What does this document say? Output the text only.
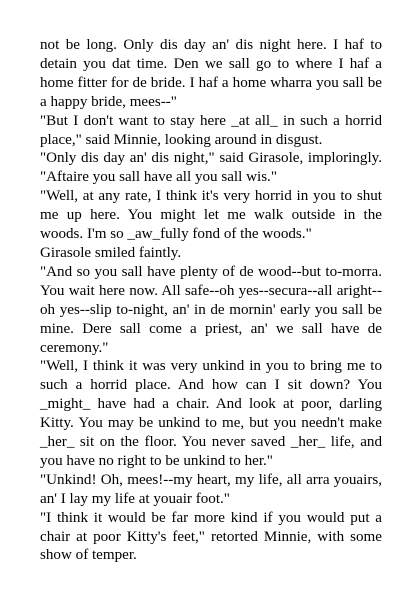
not be long. Only dis day an' dis night here. I haf to detain you dat time. Den we sall go to where I haf a home fitter for de bride. I haf a home wharra you sall be a happy bride, mees--"

"But I don't want to stay here _at all_ in such a horrid place," said Minnie, looking around in disgust.

"Only dis day an' dis night," said Girasole, imploringly. "Aftaire you sall have all you sall wis."

"Well, at any rate, I think it's very horrid in you to shut me up here. You might let me walk outside in the woods. I'm so _aw_fully fond of the woods."

Girasole smiled faintly.

"And so you sall have plenty of de wood--but to-morra. You wait here now. All safe--oh yes--secura--all aright--oh yes--slip to-night, an' in de mornin' early you sall be mine. Dere sall come a priest, an' we sall have de ceremony."

"Well, I think it was very unkind in you to bring me to such a horrid place. And how can I sit down? You _might_ have had a chair. And look at poor, darling Kitty. You may be unkind to me, but you needn't make _her_ sit on the floor. You never saved _her_ life, and you have no right to be unkind to her."

"Unkind! Oh, mees!--my heart, my life, all arra youairs, an' I lay my life at youair foot."

"I think it would be far more kind if you would put a chair at poor Kitty's feet," retorted Minnie, with some show of temper.
